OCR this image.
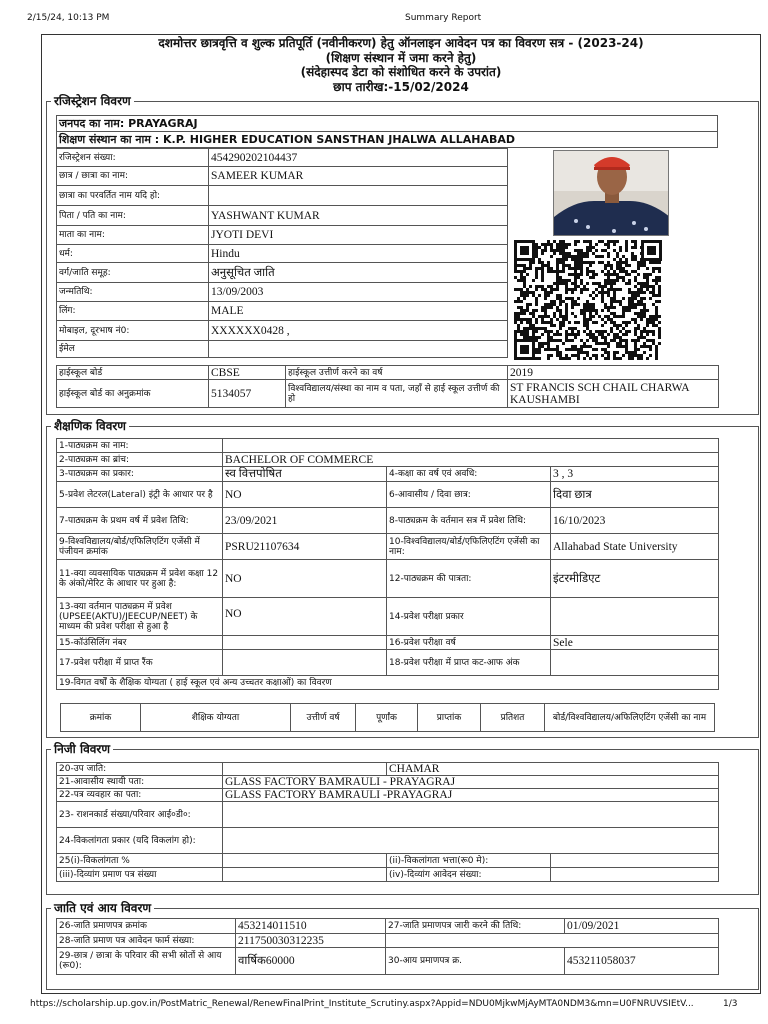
2/15/24, 10:13 PM	Summary Report
दशमोत्तर छात्रवृत्ति व शुल्क प्रतिपूर्ति (नवीनीकरण) हेतु ऑनलाइन आवेदन पत्र का विवरण सत्र - (2023-24)
(शिक्षण संस्थान में जमा करने हेतु)
(संदेहास्पद डेटा को संशोधित करने के उपरांत)
छाप तारीख:-15/02/2024
रजिस्ट्रेशन विवरण
जनपद का नाम: PRAYAGRAJ
शिक्षण संस्थान का नाम : K.P. HIGHER EDUCATION SANSTHAN JHALWA ALLAHABAD
रजिस्ट्रेशन संख्या:	454290202104437
छात्र / छात्रा का नाम:	SAMEER KUMAR
छात्रा का परवर्तित नाम यदि हो:	
पिता / पति का नाम:	YASHWANT KUMAR
माता का नाम:	JYOTI DEVI
धर्म:	Hindu
वर्ग/जाति समूह:	अनुसूचित जाति
जन्मतिथि:	13/09/2003
लिंग:	MALE
मोबाइल, दूरभाष नं0:	XXXXXX0428 ,
ईमेल	
हाईस्कूल बोर्ड	CBSE	हाईस्कूल उत्तीर्ण करने का वर्ष	2019
हाईस्कूल बोर्ड का अनुक्रमांक	5134057	विश्वविद्यालय/संस्था का नाम व पता, जहाँ से हाई स्कूल उत्तीर्ण की हो	ST FRANCIS SCH CHAIL CHARWA KAUSHAMBI
शैक्षणिक विवरण
1-पाठ्यक्रम का नाम:			
2-पाठ्यक्रम का ब्रांच:	BACHELOR OF COMMERCE		
3-पाठ्यक्रम का प्रकार:	स्व वित्तपोषित	4-कक्षा का वर्ष एवं अवधि:	3 , 3
5-प्रवेश लेटरल(Lateral) इंट्री के आधार पर है	NO	6-आवासीय / दिवा छात्र:	दिवा छात्र
7-पाठ्यक्रम के प्रथम वर्ष में प्रवेश तिथि:	23/09/2021	8-पाठ्यक्रम के वर्तमान सत्र में प्रवेश तिथि:	16/10/2023
9-विश्वविद्यालय/बोर्ड/एफिलिएटिंग एजेंसी में पंजीयन क्रमांक	PSRU21107634	10-विश्वविद्यालय/बोर्ड/एफिलिएटिंग एजेंसी का नाम:	Allahabad State University
11-क्या व्यवसायिक पाठ्यक्रम में प्रवेश कक्षा 12 के अंको/मेरिट के आधार पर हुआ है:	NO	12-पाठ्यक्रम की पात्रता:	इंटरमीडिएट
13-क्या वर्तमान पाठ्यक्रम में प्रवेश (UPSEE(AKTU)/JEECUP/NEET) के माध्यम की प्रवेश परीक्षा से हुआ है	NO	14-प्रवेश परीक्षा प्रकार	
15-कॉउंसिलिंग नंबर		16-प्रवेश परीक्षा वर्ष	Sele
17-प्रवेश परीक्षा में प्राप्त रैंक		18-प्रवेश परीक्षा में प्राप्त कट-आफ अंक	
19-विगत वर्षों के शैक्षिक योग्यता ( हाई स्कूल एवं अन्य उच्चतर कक्षाओं) का विवरण			
क्रमांक	शैक्षिक योग्यता	उत्तीर्ण वर्ष	पूर्णांक	प्राप्तांक	प्रतिशत	बोर्ड/विश्वविद्यालय/अफिलिएटिंग एजेंसी का नाम
निजी विवरण
20-उप जाति:		CHAMAR	
21-आवासीय स्थायी पता:	GLASS FACTORY BAMRAULI - PRAYAGRAJ		
22-पत्र व्यवहार का पता:	GLASS FACTORY BAMRAULI -PRAYAGRAJ		
23- राशनकार्ड संख्या/परिवार आई०डी०:			
24-विकलांगता प्रकार (यदि विकलांग हो):			
25(i)-विकलांगता %		(ii)-विकलांगता भत्ता(रू0 मे):	
(iii)-दिव्यांग प्रमाण पत्र संख्या		(iv)-दिव्यांग आवेदन संख्या:	
जाति एवं आय विवरण
26-जाति प्रमाणपत्र क्रमांक	453214011510	27-जाति प्रमाणपत्र जारी करने की तिथि:	01/09/2021
28-जाति प्रमाण पत्र आवेदन फार्म संख्या:	211750030312235		
29-छात्र / छात्रा के परिवार की सभी स्रोतों से आय (रू0):	वार्षिक60000	30-आय प्रमाणपत्र क्र.	453211058037
https://scholarship.up.gov.in/PostMatric_Renewal/RenewFinalPrint_Institute_Scrutiny.aspx?Appid=NDU0MjkwMjAyMTA0NDM3&mn=U0FNRUVSIEtV...	1/3
